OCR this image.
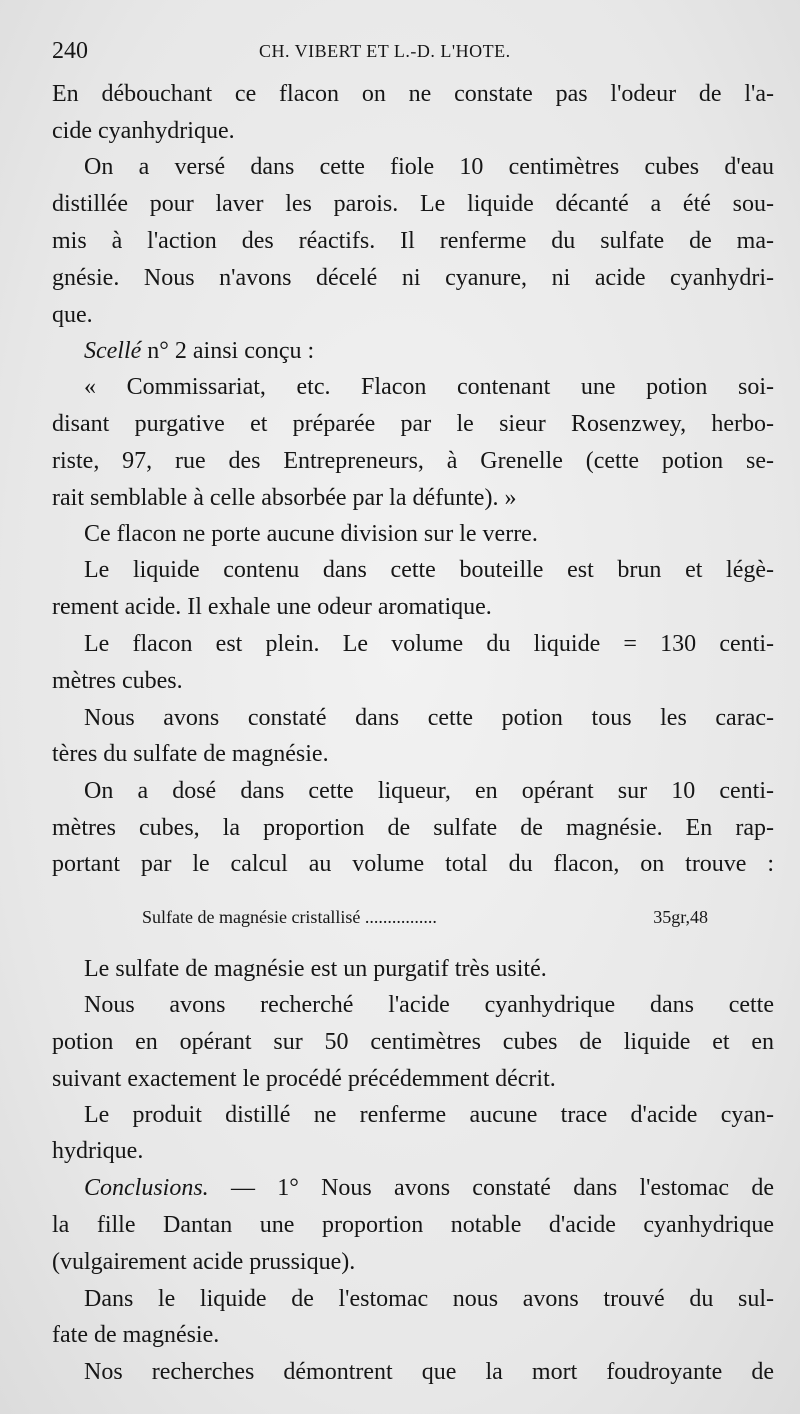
240	CH. VIBERT ET L.-D. L'HOTE.
En débouchant ce flacon on ne constate pas l'odeur de l'a-
cide cyanhydrique.
On a versé dans cette fiole 10 centimètres cubes d'eau
distillée pour laver les parois. Le liquide décanté a été sou-
mis à l'action des réactifs. Il renferme du sulfate de ma-
gnésie. Nous n'avons décelé ni cyanure, ni acide cyanhydri-
que.
Scellé n° 2 ainsi conçu :
« Commissariat, etc. Flacon contenant une potion soi-
disant purgative et préparée par le sieur Rosenzwey, herbo-
riste, 97, rue des Entrepreneurs, à Grenelle (cette potion se-
rait semblable à celle absorbée par la défunte). »
Ce flacon ne porte aucune division sur le verre.
Le liquide contenu dans cette bouteille est brun et légè-
rement acide. Il exhale une odeur aromatique.
Le flacon est plein. Le volume du liquide = 130 centi-
mètres cubes.
Nous avons constaté dans cette potion tous les carac-
tères du sulfate de magnésie.
On a dosé dans cette liqueur, en opérant sur 10 centi-
mètres cubes, la proportion de sulfate de magnésie. En rap-
portant par le calcul au volume total du flacon, on trouve :
Sulfate de magnésie cristallisé ................	35gr,48
Le sulfate de magnésie est un purgatif très usité.
Nous avons recherché l'acide cyanhydrique dans cette
potion en opérant sur 50 centimètres cubes de liquide et en
suivant exactement le procédé précédemment décrit.
Le produit distillé ne renferme aucune trace d'acide cyan-
hydrique.
Conclusions. — 1° Nous avons constaté dans l'estomac de
la fille Dantan une proportion notable d'acide cyanhydrique
(vulgairement acide prussique).
Dans le liquide de l'estomac nous avons trouvé du sul-
fate de magnésie.
Nos recherches démontrent que la mort foudroyante de
